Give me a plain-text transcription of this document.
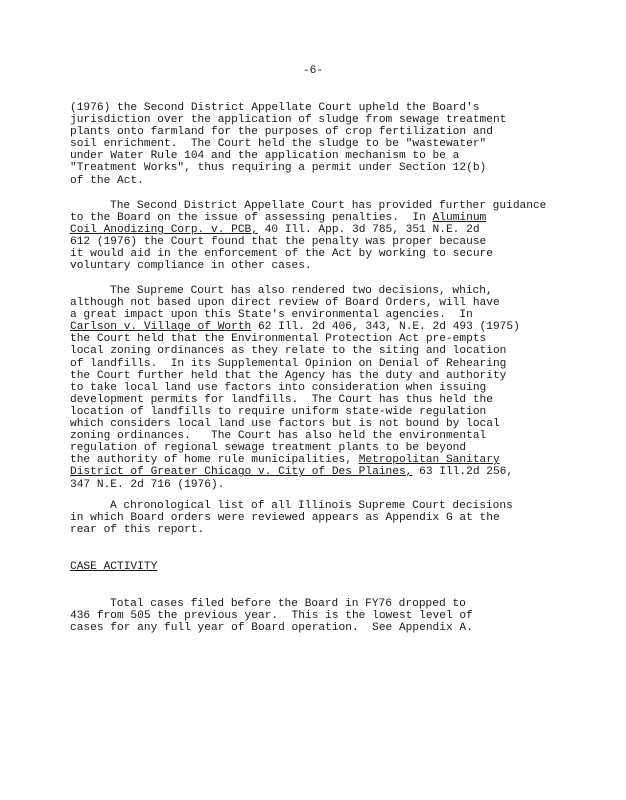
-6-
(1976) the Second District Appellate Court upheld the Board's
jurisdiction over the application of sludge from sewage treatment
plants onto farmland for the purposes of crop fertilization and
soil enrichment.  The Court held the sludge to be "wastewater"
under Water Rule 104 and the application mechanism to be a
"Treatment Works", thus requiring a permit under Section 12(b)
of the Act.
The Second District Appellate Court has provided further guidance
to the Board on the issue of assessing penalties.  In Aluminum
Coil Anodizing Corp. v. PCB, 40 Ill. App. 3d 785, 351 N.E. 2d
612 (1976) the Court found that the penalty was proper because
it would aid in the enforcement of the Act by working to secure
voluntary compliance in other cases.
The Supreme Court has also rendered two decisions, which,
although not based upon direct review of Board Orders, will have
a great impact upon this State's environmental agencies.  In
Carlson v. Village of Worth 62 Ill. 2d 406, 343, N.E. 2d 493 (1975)
the Court held that the Environmental Protection Act pre-empts
local zoning ordinances as they relate to the siting and location
of landfills.  In its Supplemental Opinion on Denial of Rehearing
the Court further held that the Agency has the duty and authority
to take local land use factors into consideration when issuing
development permits for landfills.  The Court has thus held the
location of landfills to require uniform state-wide regulation
which considers local land use factors but is not bound by local
zoning ordinances.   The Court has also held the environmental
regulation of regional sewage treatment plants to be beyond
the authority of home rule municipalities, Metropolitan Sanitary
District of Greater Chicago v. City of Des Plaines, 63 Ill.2d 256,
347 N.E. 2d 716 (1976).
A chronological list of all Illinois Supreme Court decisions
in which Board orders were reviewed appears as Appendix G at the
rear of this report.
CASE ACTIVITY
Total cases filed before the Board in FY76 dropped to
436 from 505 the previous year.  This is the lowest level of
cases for any full year of Board operation.  See Appendix A.
